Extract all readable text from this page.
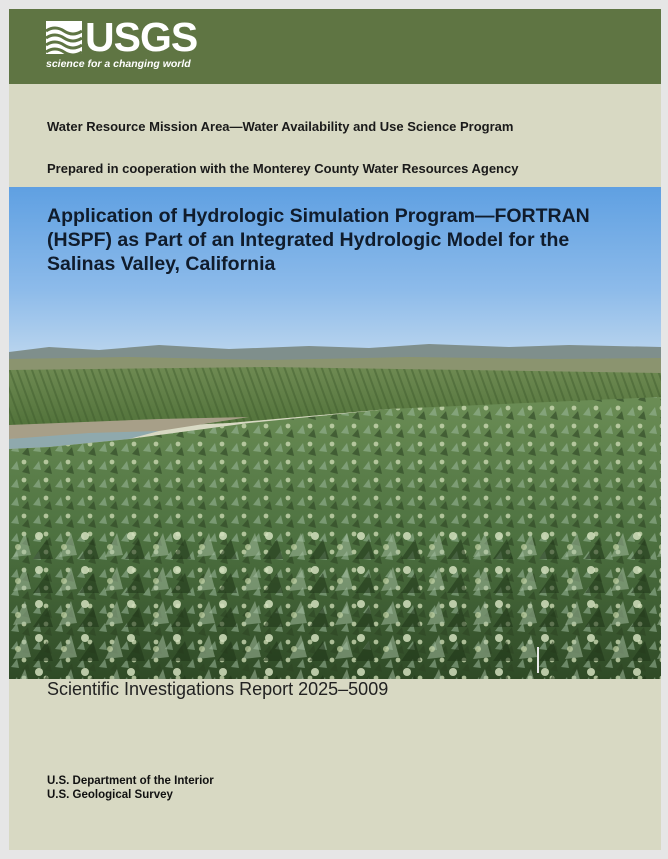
USGS
science for a changing world
Water Resource Mission Area—Water Availability and Use Science Program
Prepared in cooperation with the Monterey County Water Resources Agency
Application of Hydrologic Simulation Program—FORTRAN
(HSPF) as Part of an Integrated Hydrologic Model for the
Salinas Valley, California
Scientific Investigations Report 2025–5009
U.S. Department of the Interior
U.S. Geological Survey
